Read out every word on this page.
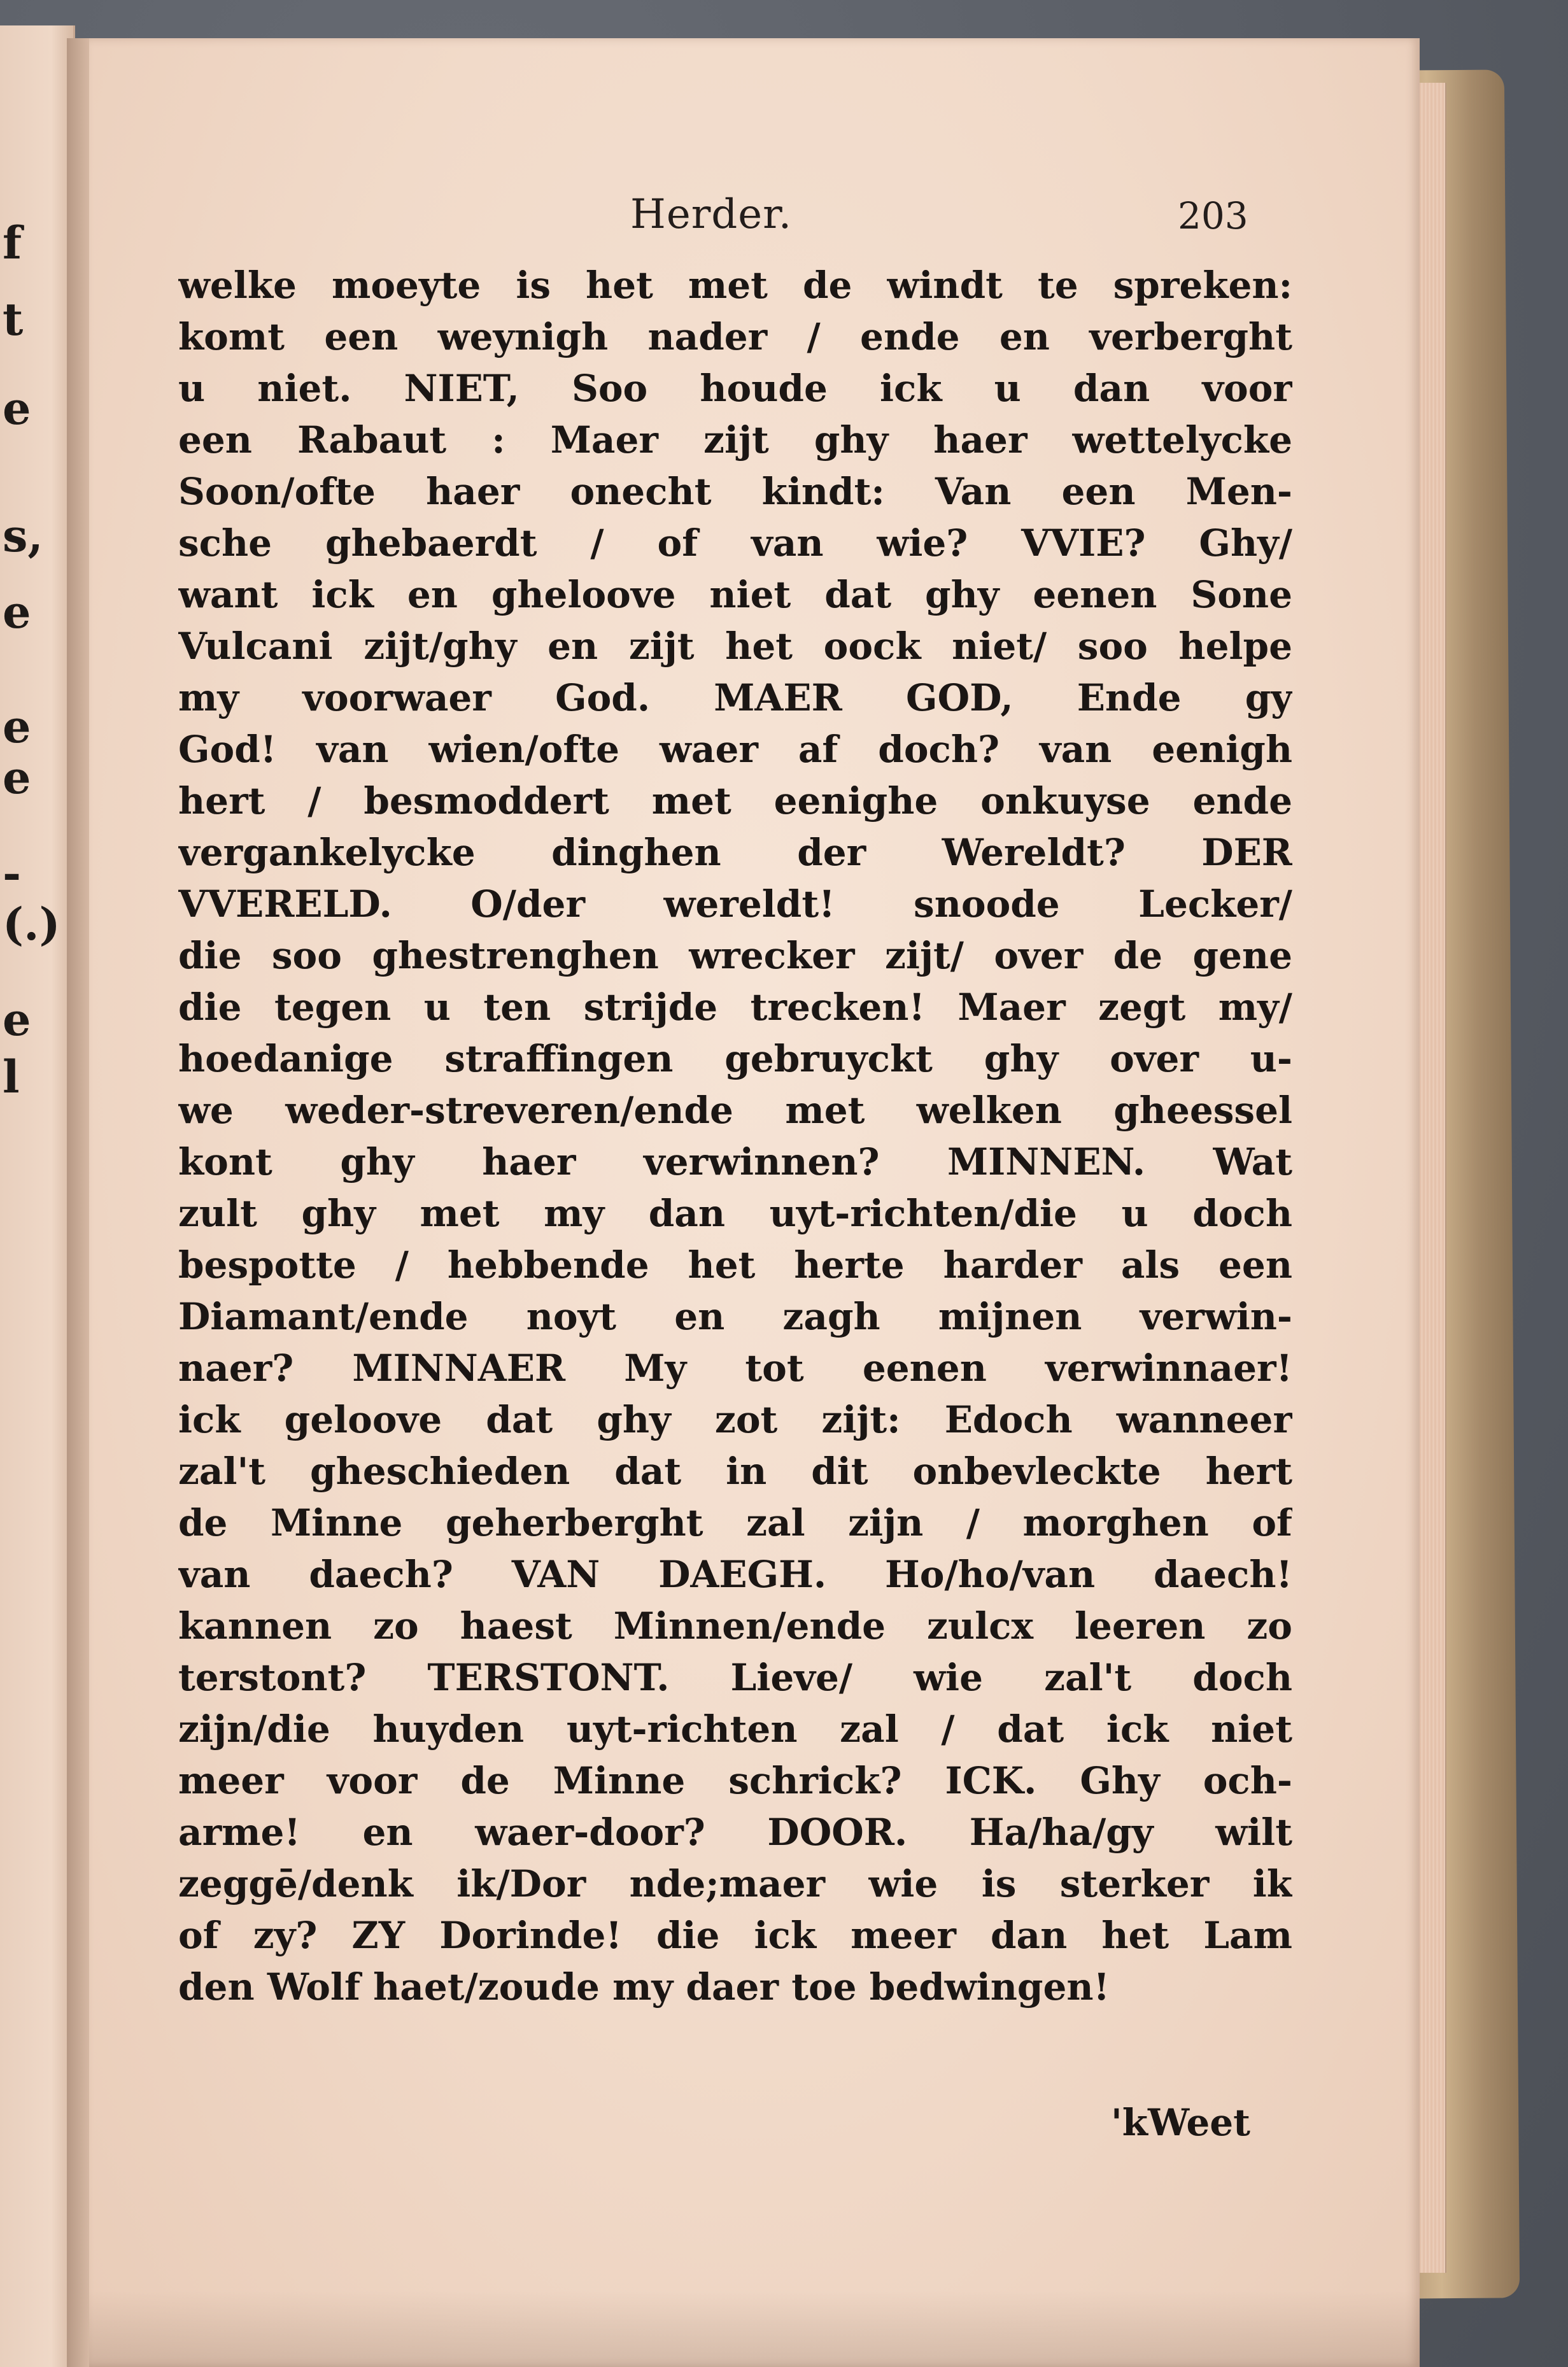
f
t
e
s,
e
e
e
-
(.)
e
l
Herder.	203
welke moeyte is het met de windt te spreken:
komt een weynigh nader / ende en verberght
u niet. NIET, Soo houde ick u dan voor
een Rabaut : Maer zijt ghy haer wettelycke
Soon/ofte haer onecht kindt: Van een Men-
sche ghebaerdt / of van wie? VVIE? Ghy/
want ick en gheloove niet dat ghy eenen Sone
Vulcani zijt/ghy en zijt het oock niet/ soo helpe
my voorwaer God. MAER GOD, Ende gy
God! van wien/ofte waer af doch? van eenigh
hert / besmoddert met eenighe onkuyse ende
vergankelycke dinghen der Wereldt? DER
VVERELD. O/der wereldt! snoode Lecker/
die soo ghestrenghen wrecker zijt/ over de gene
die tegen u ten strijde trecken! Maer zegt my/
hoedanige straffingen gebruyckt ghy over u-
we weder-streveren/ende met welken gheessel
kont ghy haer verwinnen? MINNEN. Wat
zult ghy met my dan uyt-richten/die u doch
bespotte / hebbende het herte harder als een
Diamant/ende noyt en zagh mijnen verwin-
naer? MINNAER My tot eenen verwinnaer!
ick geloove dat ghy zot zijt: Edoch wanneer
zal't gheschieden dat in dit onbevleckte hert
de Minne geherberght zal zijn / morghen of
van daech? VAN DAEGH. Ho/ho/van daech!
kannen zo haest Minnen/ende zulcx leeren zo
terstont? TERSTONT. Lieve/ wie zal't doch
zijn/die huyden uyt-richten zal / dat ick niet
meer voor de Minne schrick? ICK. Ghy och-
arme! en waer-door? DOOR. Ha/ha/gy wilt
zeggē/denk ik/Dor nde;maer wie is sterker ik
of zy? ZY Dorinde! die ick meer dan het Lam
den Wolf haet/zoude my daer toe bedwingen!
'kWeet
